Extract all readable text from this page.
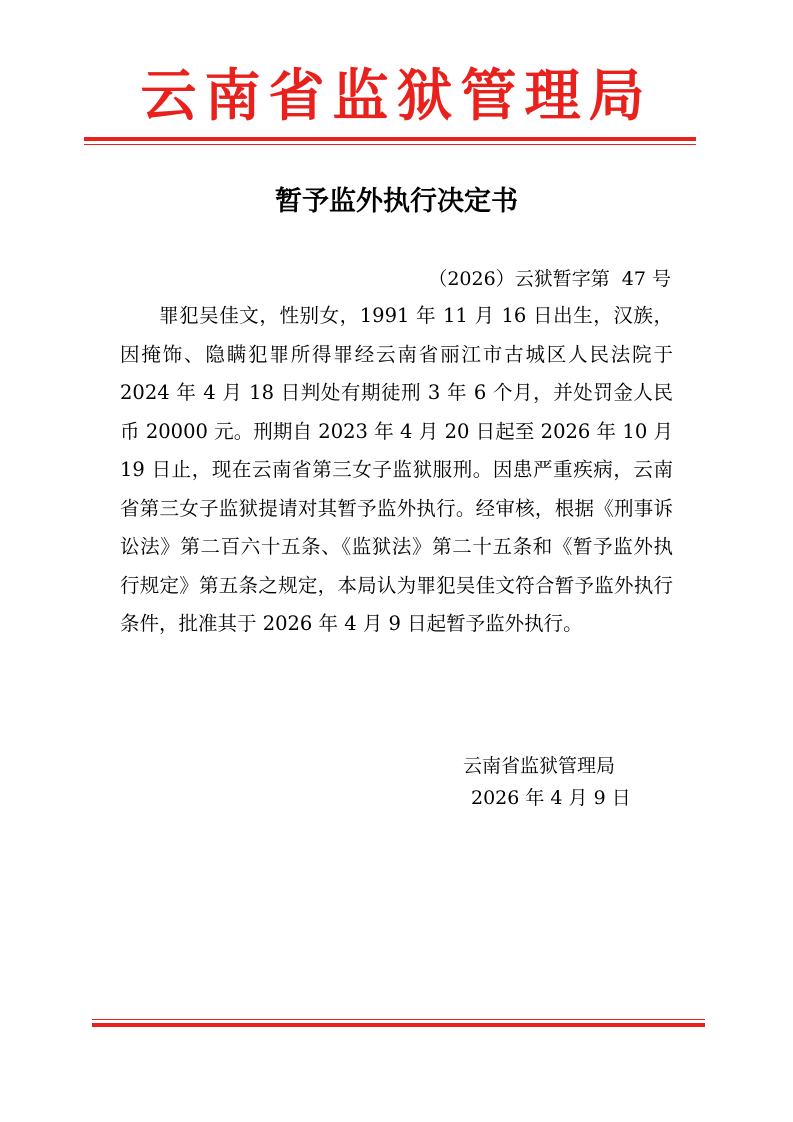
云南省监狱管理局
暂予监外执行决定书
（2026）云狱暂字第  47 号

罪犯吴佳文，性别女，1991 年 11 月 16 日出生，汉族，因掩饰、隐瞒犯罪所得罪经云南省丽江市古城区人民法院于 2024 年 4 月 18 日判处有期徒刑 3 年 6 个月，并处罚金人民币 20000 元。刑期自 2023 年 4 月 20 日起至 2026 年 10 月 19 日止，现在云南省第三女子监狱服刑。因患严重疾病，云南省第三女子监狱提请对其暂予监外执行。经审核，根据《刑事诉讼法》第二百六十五条、《监狱法》第二十五条和《暂予监外执行规定》第五条之规定，本局认为罪犯吴佳文符合暂予监外执行条件，批准其于 2026 年 4 月 9 日起暂予监外执行。

云南省监狱管理局
2026 年 4 月 9 日
